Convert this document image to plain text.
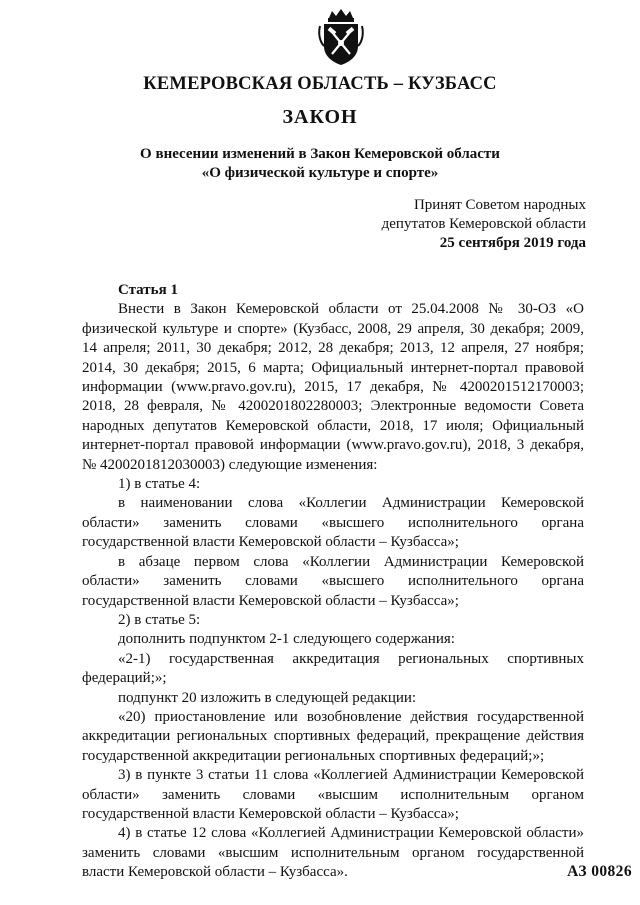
КЕМЕРОВСКАЯ ОБЛАСТЬ – КУЗБАСС
ЗАКОН
О внесении изменений в Закон Кемеровской области
«О физической культуре и спорте»
Принят Советом народных
депутатов Кемеровской области
25 сентября 2019 года
Статья 1

Внести в Закон Кемеровской области от 25.04.2008 № 30-ОЗ «О физической культуре и спорте» (Кузбасс, 2008, 29 апреля, 30 декабря; 2009, 14 апреля; 2011, 30 декабря; 2012, 28 декабря; 2013, 12 апреля, 27 ноября; 2014, 30 декабря; 2015, 6 марта; Официальный интернет-портал правовой информации (www.pravo.gov.ru), 2015, 17 декабря, № 4200201512170003; 2018, 28 февраля, № 4200201802280003; Электронные ведомости Совета народных депутатов Кемеровской области, 2018, 17 июля; Официальный интернет-портал правовой информации (www.pravo.gov.ru), 2018, 3 декабря, № 4200201812030003) следующие изменения:

1) в статье 4:

в наименовании слова «Коллегии Администрации Кемеровской области» заменить словами «высшего исполнительного органа государственной власти Кемеровской области – Кузбасса»;

в абзаце первом слова «Коллегии Администрации Кемеровской области» заменить словами «высшего исполнительного органа государственной власти Кемеровской области – Кузбасса»;

2) в статье 5:

дополнить подпунктом 2-1 следующего содержания:

«2-1) государственная аккредитация региональных спортивных федераций;»;

подпункт 20 изложить в следующей редакции:

«20) приостановление или возобновление действия государственной аккредитации региональных спортивных федераций, прекращение действия государственной аккредитации региональных спортивных федераций;»;

3) в пункте 3 статьи 11 слова «Коллегией Администрации Кемеровской области» заменить словами «высшим исполнительным органом государственной власти Кемеровской области – Кузбасса»;

4) в статье 12 слова «Коллегией Администрации Кемеровской области» заменить словами «высшим исполнительным органом государственной власти Кемеровской области – Кузбасса».	АЗ 00826
